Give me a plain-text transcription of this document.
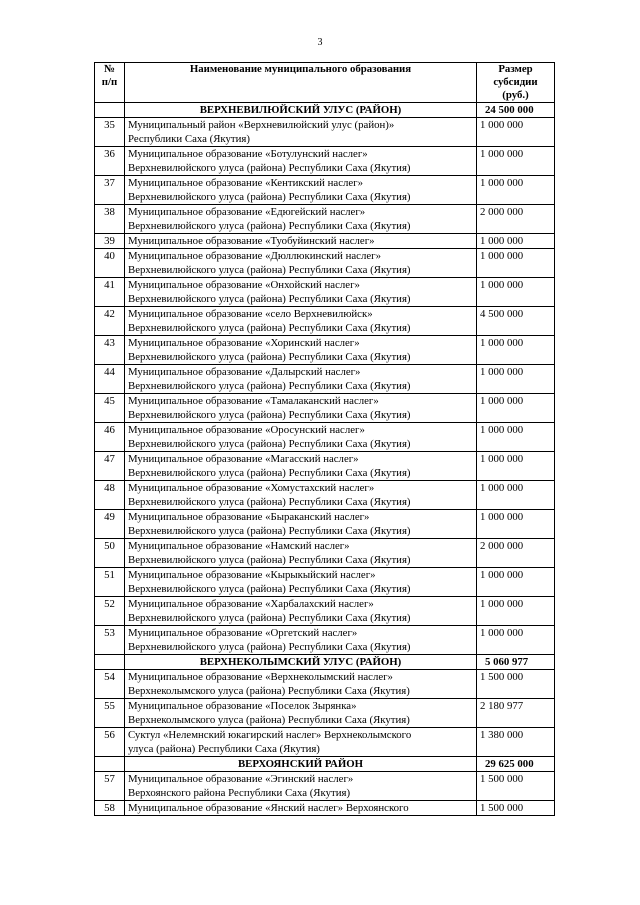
3
№
п/п	Наименование муниципального образования	Размер субсидии
(руб.)

	ВЕРХНЕВИЛЮЙСКИЙ УЛУС (РАЙОН)	24 500 000
35	Муниципальный район «Верхневилюйский улус (район)»
Республики Саха (Якутия)	1 000 000
36	Муниципальное образование «Ботулунский наслег»
Верхневилюйского улуса (района) Республики Саха (Якутия)	1 000 000
37	Муниципальное образование «Кентикский наслег»
Верхневилюйского улуса (района) Республики Саха (Якутия)	1 000 000
38	Муниципальное образование «Едюгейский наслег»
Верхневилюйского улуса (района) Республики Саха (Якутия)	2 000 000
39	Муниципальное образование «Туобуйинский наслег»	1 000 000
40	Муниципальное образование «Дюллюкинский наслег»
Верхневилюйского улуса (района) Республики Саха (Якутия)	1 000 000
41	Муниципальное образование «Онхойский наслег»
Верхневилюйского улуса (района) Республики Саха (Якутия)	1 000 000
42	Муниципальное образование «село Верхневилюйск»
Верхневилюйского улуса (района) Республики Саха (Якутия)	4 500 000
43	Муниципальное образование «Хоринский наслег»
Верхневилюйского улуса (района) Республики Саха (Якутия)	1 000 000
44	Муниципальное образование «Далырский наслег»
Верхневилюйского улуса (района) Республики Саха (Якутия)	1 000 000
45	Муниципальное образование «Тамалаканский наслег»
Верхневилюйского улуса (района) Республики Саха (Якутия)	1 000 000
46	Муниципальное образование «Оросунский наслег»
Верхневилюйского улуса (района) Республики Саха (Якутия)	1 000 000
47	Муниципальное образование «Магасский наслег»
Верхневилюйского улуса (района) Республики Саха (Якутия)	1 000 000
48	Муниципальное образование «Хомустахский наслег»
Верхневилюйского улуса (района) Республики Саха (Якутия)	1 000 000
49	Муниципальное образование «Быраканский наслег»
Верхневилюйского улуса (района) Республики Саха (Якутия)	1 000 000
50	Муниципальное образование «Намский наслег»
Верхневилюйского улуса (района) Республики Саха (Якутия)	2 000 000
51	Муниципальное образование «Кырыкыйский наслег»
Верхневилюйского улуса (района) Республики Саха (Якутия)	1 000 000
52	Муниципальное образование «Харбалахский наслег»
Верхневилюйского улуса (района) Республики Саха (Якутия)	1 000 000
53	Муниципальное образование «Оргетский наслег»
Верхневилюйского улуса (района) Республики Саха (Якутия)	1 000 000
	ВЕРХНЕКОЛЫМСКИЙ УЛУС (РАЙОН)	5 060 977
54	Муниципальное образование «Верхнеколымский наслег»
Верхнеколымского улуса (района) Республики Саха (Якутия)	1 500 000
55	Муниципальное образование «Поселок Зырянка»
Верхнеколымского улуса (района) Республики Саха (Якутия)	2 180 977
56	Суктул «Нелемнский юкагирский наслег» Верхнеколымского
улуса (района) Республики Саха (Якутия)	1 380 000
	ВЕРХОЯНСКИЙ РАЙОН	29 625 000
57	Муниципальное образование «Эгинский наслег»
Верхоянского района Республики Саха (Якутия)	1 500 000
58	Муниципальное образование «Янский наслег» Верхоянского	1 500 000
